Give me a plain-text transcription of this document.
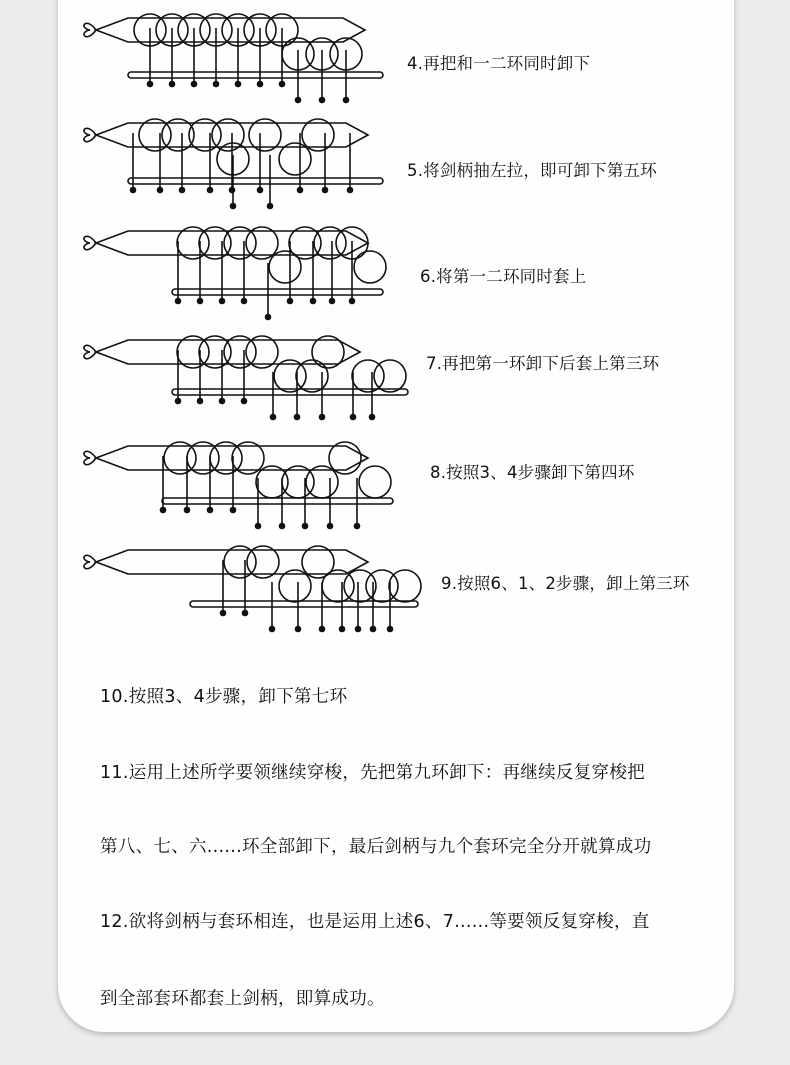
4.再把和一二环同时卸下
5.将剑柄抽左拉，即可卸下第五环
6.将第一二环同时套上
7.再把第一环卸下后套上第三环
8.按照3、4步骤卸下第四环
9.按照6、1、2步骤，卸上第三环
10.按照3、4步骤，卸下第七环
11.运用上述所学要领继续穿梭，先把第九环卸下：再继续反复穿梭把
第八、七、六......环全部卸下，最后剑柄与九个套环完全分开就算成功
12.欲将剑柄与套环相连，也是运用上述6、7......等要领反复穿梭，直
到全部套环都套上剑柄，即算成功。
